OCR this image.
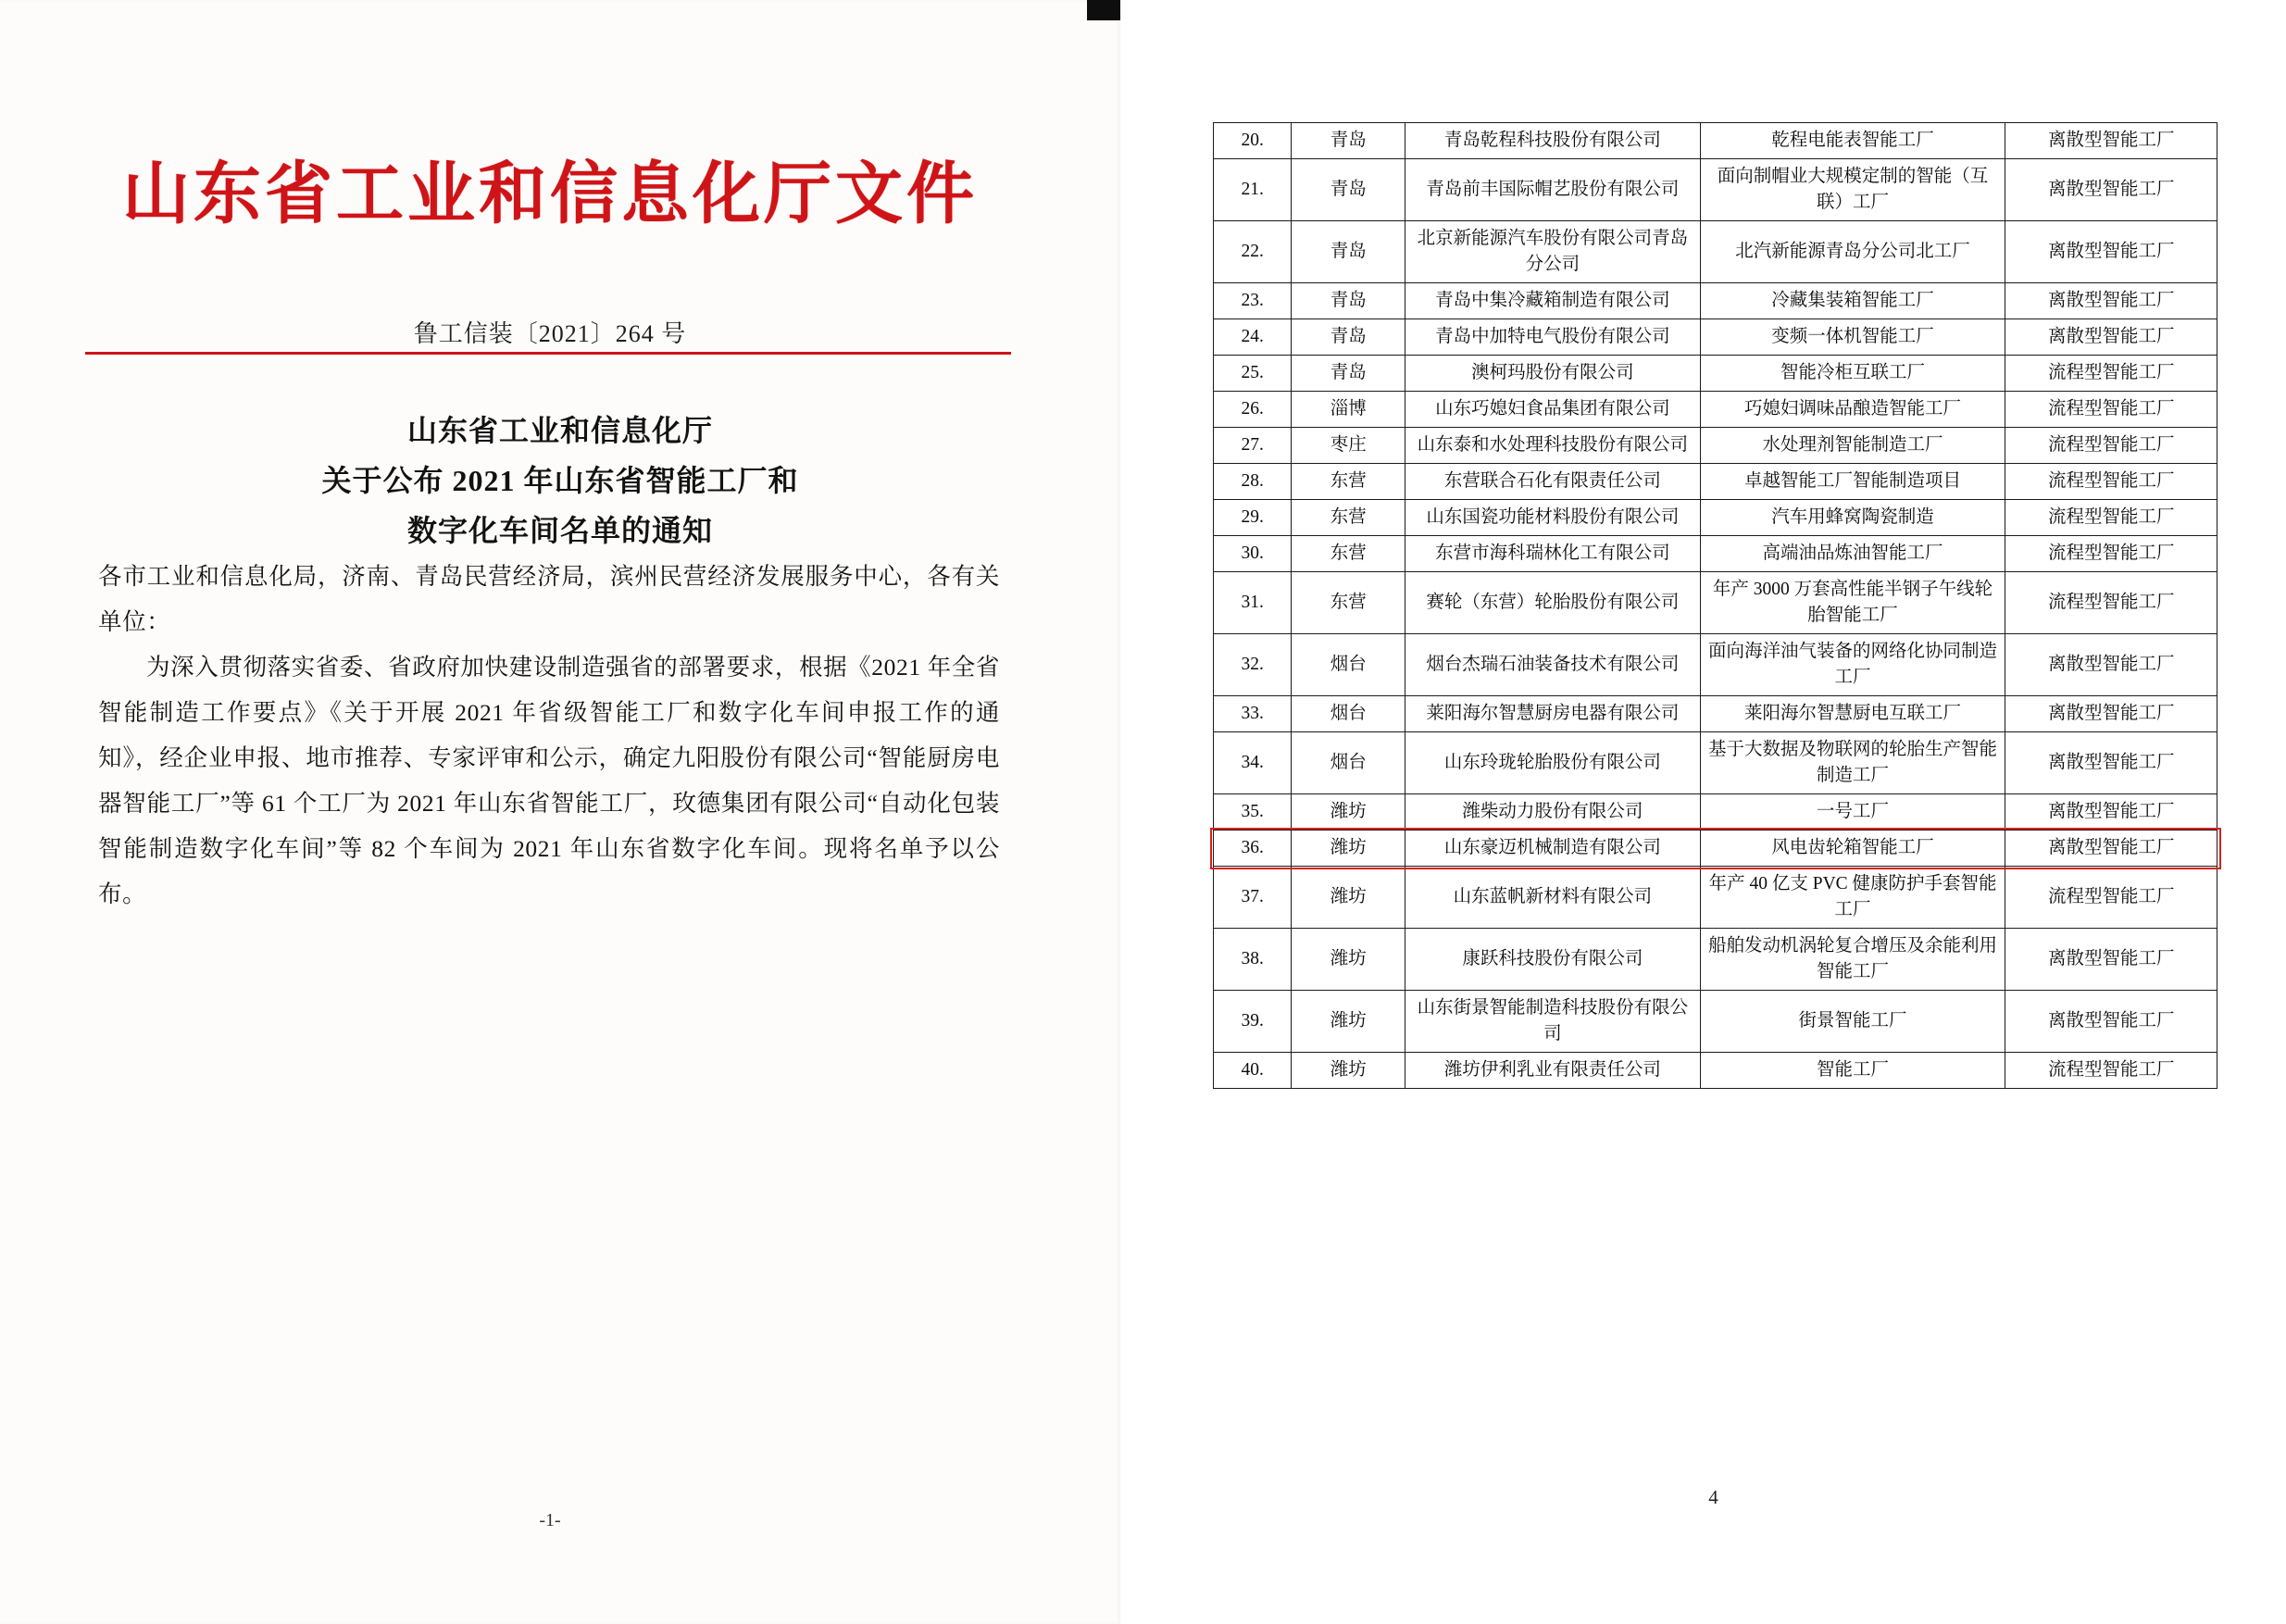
山东省工业和信息化厅文件
鲁工信装〔2021〕264 号
山东省工业和信息化厅
关于公布 2021 年山东省智能工厂和
数字化车间名单的通知

各市工业和信息化局，济南、青岛民营经济局，滨州民营经济发展服务中心，各有关单位：

为深入贯彻落实省委、省政府加快建设制造强省的部署要求，根据《2021 年全省智能制造工作要点》《关于开展 2021 年省级智能工厂和数字化车间申报工作的通知》，经企业申报、地市推荐、专家评审和公示，确定九阳股份有限公司“智能厨房电器智能工厂”等 61 个工厂为 2021 年山东省智能工厂，玫德集团有限公司“自动化包装智能制造数字化车间”等 82 个车间为 2021 年山东省数字化车间。现将名单予以公布。

-1-
20.	青岛	青岛乾程科技股份有限公司	乾程电能表智能工厂	离散型智能工厂
21.	青岛	青岛前丰国际帽艺股份有限公司	面向制帽业大规模定制的智能（互联）工厂	离散型智能工厂
22.	青岛	北京新能源汽车股份有限公司青岛分公司	北汽新能源青岛分公司北工厂	离散型智能工厂
23.	青岛	青岛中集冷藏箱制造有限公司	冷藏集装箱智能工厂	离散型智能工厂
24.	青岛	青岛中加特电气股份有限公司	变频一体机智能工厂	离散型智能工厂
25.	青岛	澳柯玛股份有限公司	智能冷柜互联工厂	流程型智能工厂
26.	淄博	山东巧媳妇食品集团有限公司	巧媳妇调味品酿造智能工厂	流程型智能工厂
27.	枣庄	山东泰和水处理科技股份有限公司	水处理剂智能制造工厂	流程型智能工厂
28.	东营	东营联合石化有限责任公司	卓越智能工厂智能制造项目	流程型智能工厂
29.	东营	山东国瓷功能材料股份有限公司	汽车用蜂窝陶瓷制造	流程型智能工厂
30.	东营	东营市海科瑞林化工有限公司	高端油品炼油智能工厂	流程型智能工厂
31.	东营	赛轮（东营）轮胎股份有限公司	年产 3000 万套高性能半钢子午线轮胎智能工厂	流程型智能工厂
32.	烟台	烟台杰瑞石油装备技术有限公司	面向海洋油气装备的网络化协同制造工厂	离散型智能工厂
33.	烟台	莱阳海尔智慧厨房电器有限公司	莱阳海尔智慧厨电互联工厂	离散型智能工厂
34.	烟台	山东玲珑轮胎股份有限公司	基于大数据及物联网的轮胎生产智能制造工厂	离散型智能工厂
35.	潍坊	潍柴动力股份有限公司	一号工厂	离散型智能工厂
36.	潍坊	山东豪迈机械制造有限公司	风电齿轮箱智能工厂	离散型智能工厂
37.	潍坊	山东蓝帆新材料有限公司	年产 40 亿支 PVC 健康防护手套智能工厂	流程型智能工厂
38.	潍坊	康跃科技股份有限公司	船舶发动机涡轮复合增压及余能利用智能工厂	离散型智能工厂
39.	潍坊	山东街景智能制造科技股份有限公司	街景智能工厂	离散型智能工厂
40.	潍坊	潍坊伊利乳业有限责任公司	智能工厂	流程型智能工厂
4
